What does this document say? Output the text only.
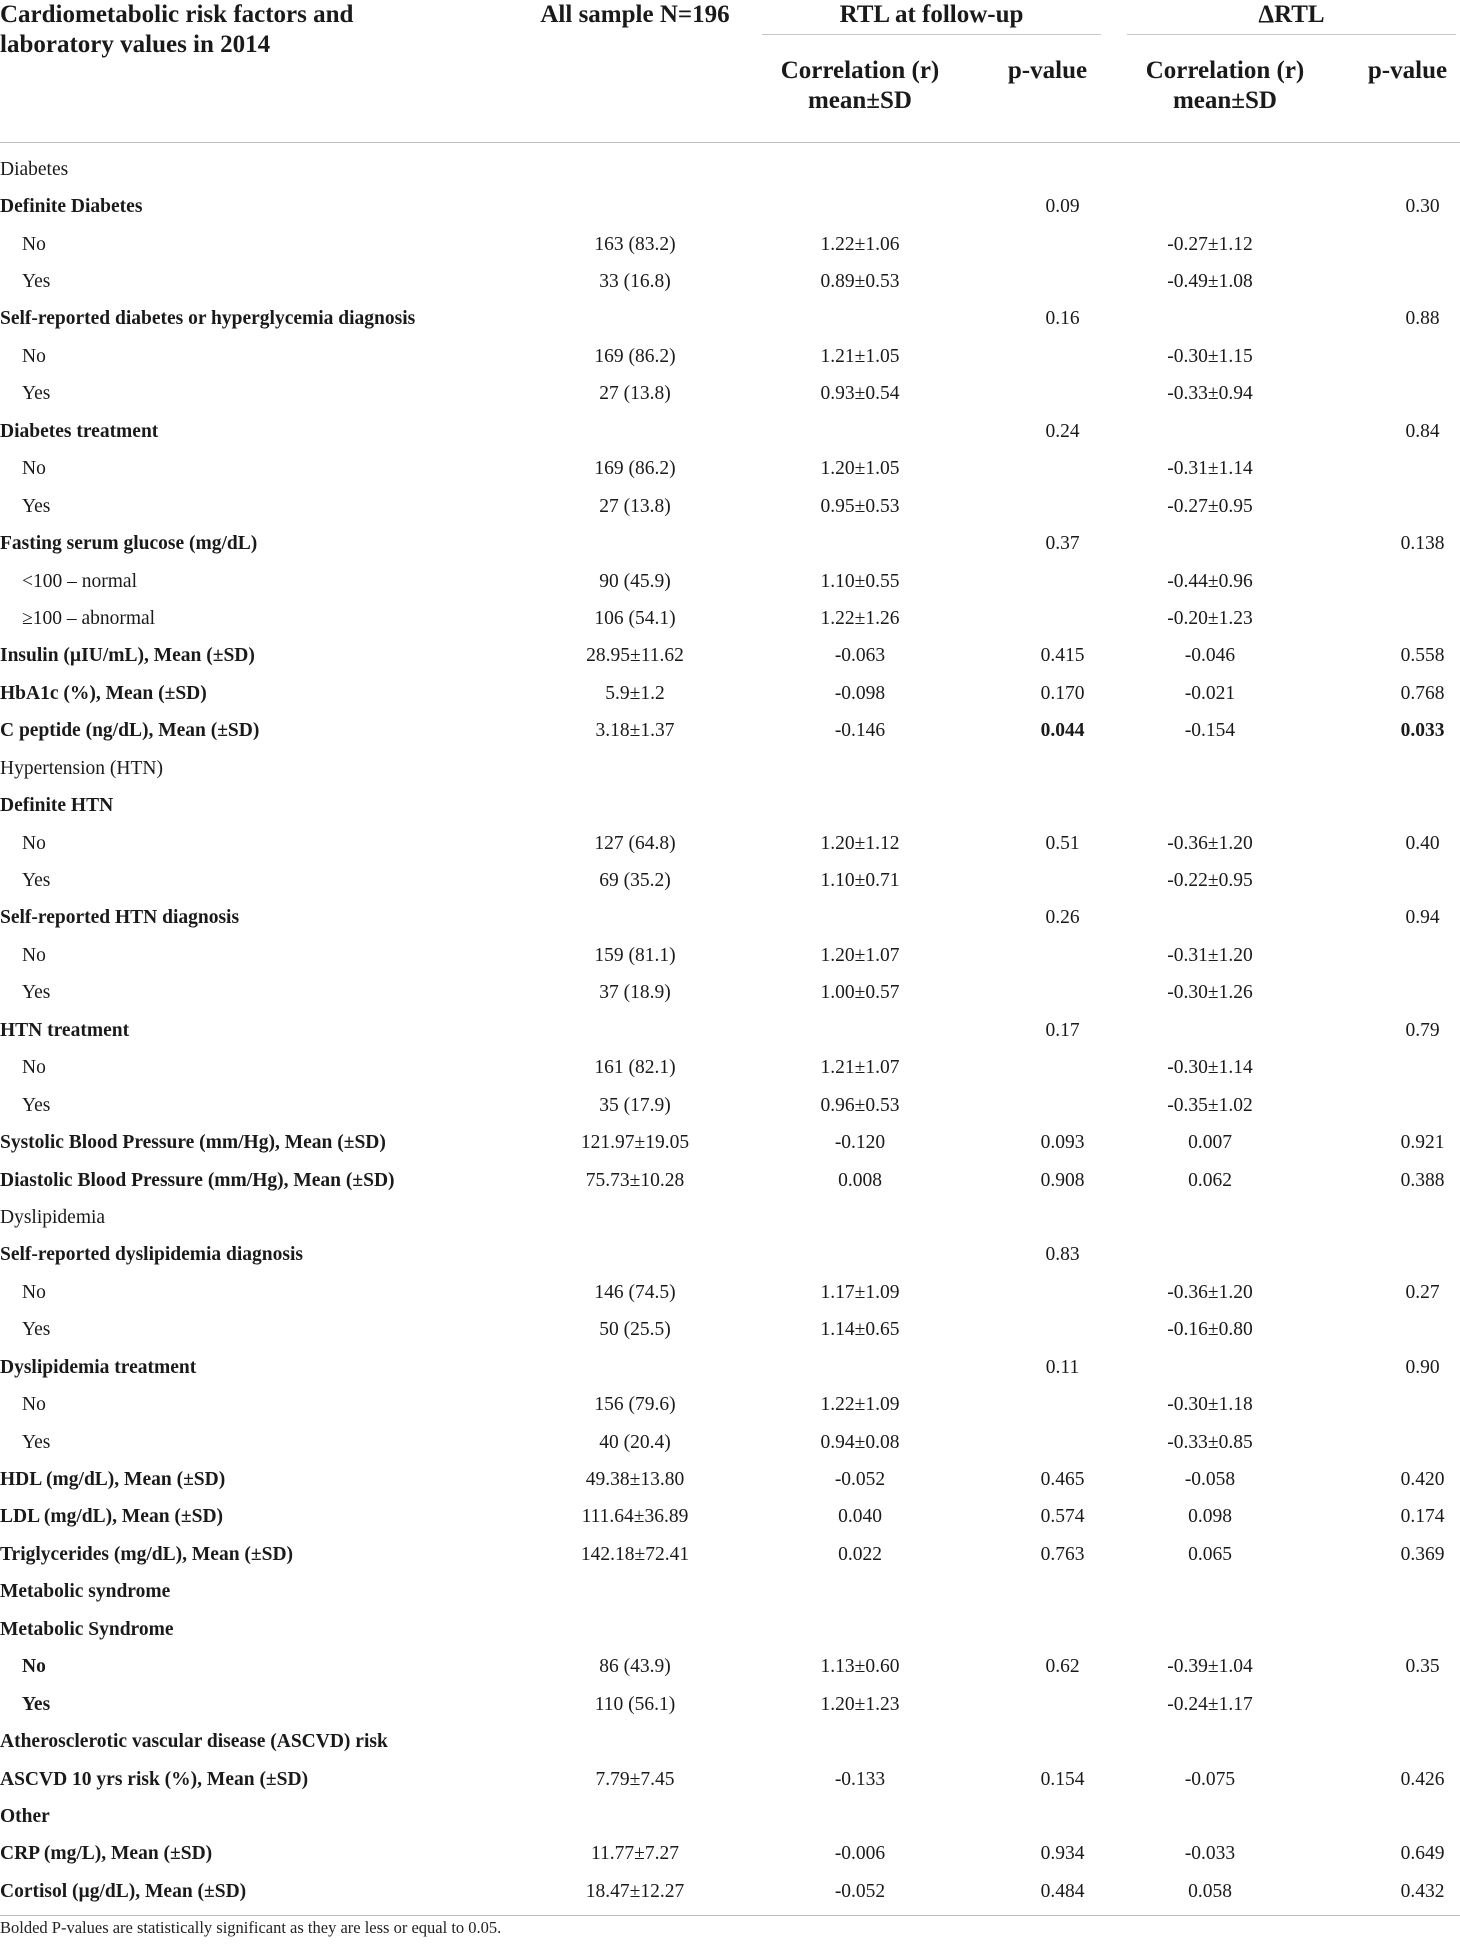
Cardiometabolic risk factors and laboratory values in 2014	All sample N=196	RTL at follow-up		ΔRTL	

		Correlation (r) mean±SD	p-value	Correlation (r) mean±SD	p-value
Diabetes					
Definite Diabetes			0.09		0.30
No	163 (83.2)	1.22±1.06		-0.27±1.12	
Yes	33 (16.8)	0.89±0.53		-0.49±1.08	
Self-reported diabetes or hyperglycemia diagnosis			0.16		0.88
No	169 (86.2)	1.21±1.05		-0.30±1.15	
Yes	27 (13.8)	0.93±0.54		-0.33±0.94	
Diabetes treatment			0.24		0.84
No	169 (86.2)	1.20±1.05		-0.31±1.14	
Yes	27 (13.8)	0.95±0.53		-0.27±0.95	
Fasting serum glucose (mg/dL)			0.37		0.138
<100 – normal	90 (45.9)	1.10±0.55		-0.44±0.96	
≥100 – abnormal	106 (54.1)	1.22±1.26		-0.20±1.23	
Insulin (µIU/mL), Mean (±SD)	28.95±11.62	-0.063	0.415	-0.046	0.558
HbA1c (%), Mean (±SD)	5.9±1.2	-0.098	0.170	-0.021	0.768
C peptide (ng/dL), Mean (±SD)	3.18±1.37	-0.146	0.044	-0.154	0.033
Hypertension (HTN)					
Definite HTN					
No	127 (64.8)	1.20±1.12	0.51	-0.36±1.20	0.40
Yes	69 (35.2)	1.10±0.71		-0.22±0.95	
Self-reported HTN diagnosis			0.26		0.94
No	159 (81.1)	1.20±1.07		-0.31±1.20	
Yes	37 (18.9)	1.00±0.57		-0.30±1.26	
HTN treatment			0.17		0.79
No	161 (82.1)	1.21±1.07		-0.30±1.14	
Yes	35 (17.9)	0.96±0.53		-0.35±1.02	
Systolic Blood Pressure (mm/Hg), Mean (±SD)	121.97±19.05	-0.120	0.093	0.007	0.921
Diastolic Blood Pressure (mm/Hg), Mean (±SD)	75.73±10.28	0.008	0.908	0.062	0.388
Dyslipidemia					
Self-reported dyslipidemia diagnosis			0.83		
No	146 (74.5)	1.17±1.09		-0.36±1.20	0.27
Yes	50 (25.5)	1.14±0.65		-0.16±0.80	
Dyslipidemia treatment			0.11		0.90
No	156 (79.6)	1.22±1.09		-0.30±1.18	
Yes	40 (20.4)	0.94±0.08		-0.33±0.85	
HDL (mg/dL), Mean (±SD)	49.38±13.80	-0.052	0.465	-0.058	0.420
LDL (mg/dL), Mean (±SD)	111.64±36.89	0.040	0.574	0.098	0.174
Triglycerides (mg/dL), Mean (±SD)	142.18±72.41	0.022	0.763	0.065	0.369
Metabolic syndrome					
Metabolic Syndrome					
No	86 (43.9)	1.13±0.60	0.62	-0.39±1.04	0.35
Yes	110 (56.1)	1.20±1.23		-0.24±1.17	
Atherosclerotic vascular disease (ASCVD) risk					
ASCVD 10 yrs risk (%), Mean (±SD)	7.79±7.45	-0.133	0.154	-0.075	0.426
Other					
CRP (mg/L), Mean (±SD)	11.77±7.27	-0.006	0.934	-0.033	0.649
Cortisol (µg/dL), Mean (±SD)	18.47±12.27	-0.052	0.484	0.058	0.432
Bolded P-values are statistically significant as they are less or equal to 0.05.
